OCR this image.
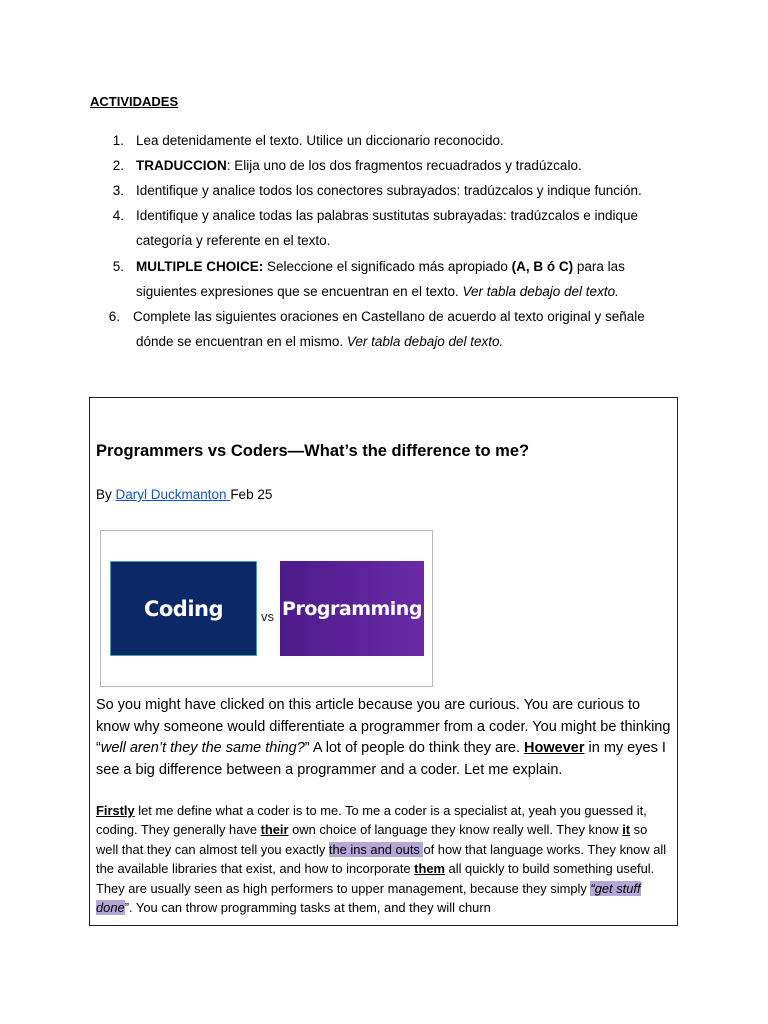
ACTIVIDADES
1. Lea detenidamente el texto. Utilice un diccionario reconocido.
2. TRADUCCION: Elija uno de los dos fragmentos recuadrados y tradúzcalo.
3. Identifique y analice todos los conectores subrayados: tradúzcalos y indique función.
4. Identifique y analice todas las palabras sustitutas subrayadas: tradúzcalos e indique
categoría y referente en el texto.
5. MULTIPLE CHOICE: Seleccione el significado más apropiado (A, B ó C) para las
siguientes expresiones que se encuentran en el texto. Ver tabla debajo del texto.
6. Complete las siguientes oraciones en Castellano de acuerdo al texto original y señale
dónde se encuentran en el mismo. Ver tabla debajo del texto.
Programmers vs Coders—What’s the difference to me?
By Daryl Duckmanton Feb 25
Coding	vs Programming
So you might have clicked on this article because you are curious. You are curious to know why someone would differentiate a programmer from a coder. You might be thinking “well aren’t they the same thing?” A lot of people do think they are. However in my eyes I see a big difference between a programmer and a coder. Let me explain.
Firstly let me define what a coder is to me. To me a coder is a specialist at, yeah you guessed it, coding. They generally have their own choice of language they know really well. They know it so well that they can almost tell you exactly the ins and outs of how that language works. They know all the available libraries that exist, and how to incorporate them all quickly to build something useful. They are usually seen as high performers to upper management, because they simply “get stuff done”. You can throw programming tasks at them, and they will churn
